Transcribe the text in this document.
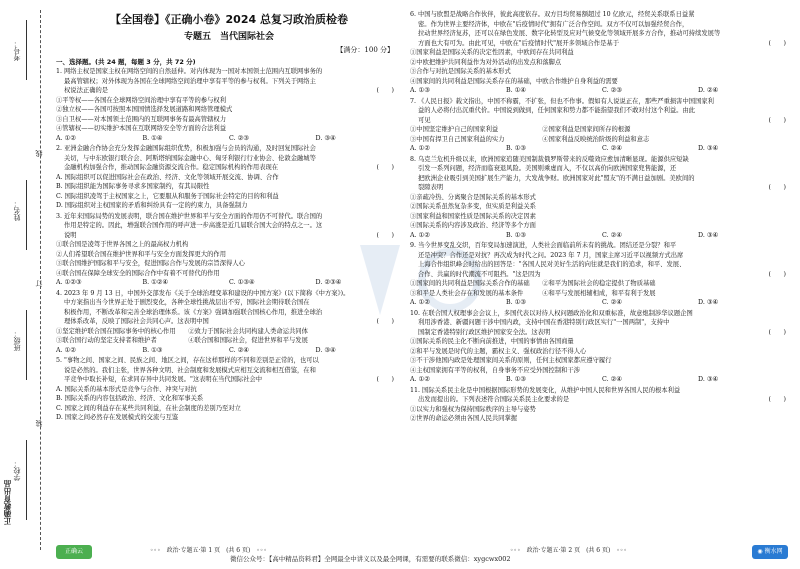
考号：
姓名：
班级：
学校：
线
订
装
正确教育出品
【全国卷】《正确小卷》2024 总复习政治质检卷
专题五　当代国际社会
【满分：100 分】
一、选择题。(共 24 题，每题 3 分，共 72 分)
1. 网络主权是国家主权在网络空间的自然延伸。对内体现为一国对本国领土范围内互联网事务的
最高管辖权；对外体现为各国在全球网络空间治理中享有平等的参与权利。下列关于网络主
(　　)
权说法正确的是
①平等权——各国在全球网络空间治理中享有平等的参与权利
②独立权——各国可按照本国国情选择发展道路和网络管理模式
③自卫权——对本国领土范围内的互联网事务有最高管辖权力
④管辖权——切实维护本国在互联网络安全等方面的合法利益
A. ①②	B. ①④	C. ②③	D. ③④
2. 亚洲金融合作协会充分发挥金融国际组织优势，积极加强与会员的沟通，及时回复国际社会
关切，与中东欧银行联合会、阿斯塔纳国际金融中心、匈牙利银行行业协会、伦敦金融城等
(　　)
金融机构加强合作，推动国际金融资源交流合作。稳定国际机构的作用表现在
A. 国际组织可以促进国际社会在政治、经济、文化等领域开展交流、协调、合作
B. 国际组织能为国际事务寻求多国家制约，有其局限性
C. 国际组织凌驾于主权国家之上，它要服从和服务于国际社会特定的目的和利益
D. 国际组织对主权国家的矛盾和纠纷具有一定的约束力，具备强制力
3. 近年来国际局势的发展表明，联合国在维护世界和平与安全方面的作用仍不可替代。联合国的
作用是特定的。因此，增强联合国作用的呼声进一步高涨是近几届联合国大会的特点之一。这
(　　)
说明
①联合国是凌驾于世界各国之上的最高权力机构
②人们希望联合国在维护世界和平与安全方面发挥更大的作用
③联合国维护国际和平与安全，促进国际合作与发展的宗旨深得人心
④联合国在保障全球安全的国际合作中有着不可替代的作用
A. ①②③	B. ①②④	C. ①③④	D. ②③④
4. 2023 年 9 月 13 日，中国外交部发布《关于全球治理变革和建设的中国方案》(以下简称《中方案》)。
中方案指出当今世界正处于剧烈变化，各种全球性挑战层出不穷，国际社会期待联合国在
积极作用，不断改革和完善全球治理体系。该《方案》强调加强联合国核心作用，推进全球治
(　　)
理体系改革，反映了国际社会共同心声。这表明中国
①坚定维护联合国在国际事务中的核心作用　　②致力于国际社会共同构建人类命运共同体
③联合国行动的坚定支持者和维护者　　　　　④联合国和国际社会，促进世界和平与发展
A. ①②	B. ①③	C. ②④	D. ③④
5. "事物之间、国家之间、民族之间、地区之间，存在这样那样的不同和差别是正常的，也可以
说是必然的。我们主张，世界各种文明、社会制度和发展模式应相互交流和相互借鉴，在和
(　　)
平竞争中取长补短，在求同存异中共同发展。"这表明在当代国际社会中
A. 国际关系的基本形式是竞争与合作、冲突与对抗
B. 国际关系的内容包括政治、经济、文化和军事关系
C. 国家之间的利益存在某些共同利益，在社会制度的差别乃至对立
D. 国家之间必然存在发展模式的交流与互鉴
6. 中国与欧盟是战略合作伙伴，彼此高度依存。双方目均贸易额超过 10 亿欧元，经贸关系联系日益紧
密。作为世界主要经济体，中欧在"后疫情时代"拥有广泛合作空间。双方不仅可以加强经贸合作，
拉动世界经济复苏，还可以在绿色发展、数字化转型及应对气候变化等领域开展多方合作，推动可持续发展等
(　　)
方面也大有可为。由此可见，中欧在"后疫情时代"展开多领域合作是基于
①国家利益是国际关系的决定性因素，中欧间存在共同利益
②中欧把维护共同利益作为对外活动的出发点和落脚点
③合作与对抗是国际关系的基本形式
④国家间的共同利益是国际关系存在的基础，中欧合作维护自身利益的需要
A. ①③	B. ①④	C. ②③	D. ②④
7. 《人民日报》载文指出，中国不称霸，不扩张，但也不作事。假如有人说说正在，那些严重损害中国国家利
益的人必将付出沉重代价。中国说到做到，任何国家和势力都不能指望我们不敢对付这个利益。由此
(　　)
可见
①中国坚定维护自己的国家利益　　　　　　　②国家利益是国家间所存的根源
③中国有捍卫自己国家利益的实力　　　　　　④国家利益反映统治阶级的利益和意志
A. ①②	B. ①③	C. ②④	D. ③④
8. 乌克兰危机升级以来，欧洲国家追随美国制裁俄罗斯带来的反噬效应愈加清晰显现。能源供应短缺
引发一系列问题，经济而临衰退风险。美国则乘虚而入，不仅以高价向欧洲国家兜售能源，还
把欧洲企业吸引到美国扩展生产能力，大发战争财。欧洲国家对此"盟友"的不满日益加剧。美欧间的
(　　)
裂隙表明
①亲疏冷热、分离聚合是国际关系的基本形式
②国际关系虽然复杂多变，但实质是利益关系
③国家利益和国家性质是国际关系的决定因素
④国际关系的内容涉及政治、经济等多个方面
A. ①②	B. ①③	C. ②④	D. ③④
9. 当今世界变乱交织，百年变局加速演进，人类社会面临前所未有的挑战。团结还是分裂？和平
还是冲突？合作还是对抗？再次成为时代之问。2023 年 7 月，国家主席习近平以视频方式出席
上海合作组织峰会时给出的回答是："各国人民对美好生活的向往就是我们的追求，和平、发展、
(　　)
合作、共赢的时代潮流不可阻挡。"这是因为
①国家间的共同利益是国际关系合作的基础　　②和平为国际社会的稳定提供了物质基础
③和平是人类社会存在和发展的基本条件　　　④和平与发展相辅相成，和平有利于发展
A. ①②	B. ①③	C. ②④	D. ③④
10. 在联合国人权理事会会议上，多国代表以对待人权问题政治化和双重标准，故意炮制涉华议题企图
利用涉香港、新疆问题干涉中国内政，支持中国在香港特别行政区实行"一国两制"，支持中
(　　)
国制定香港特别行政区维护国家安全法。这表明
①国际关系的民主化不断向前推进，中国的事情由各国商量
②和平与发展是时代的主题，霸权主义、强权政治行径不得人心
③不干涉他国内政是处理国家间关系的原则，任何主权国家都应遵守履行
④主权国家拥有平等的权利，自身事务不应受外国控制和干涉
A. ①②	B. ①③	C. ②④	D. ③④
11. 国际关系民主化是中国根据国际形势的发展变化，从维护中国人民和世界各国人民的根本利益
(　　)
出发而提出的。下列表述符合国际关系民主化要求的是
①以实力和强权为保持国际秩序的主导与姿势
②世界的命运必须由各国人民共同掌握
正确云	◦◦◦　政治·专题五·第 1 页　(共 6 页)　◦◦◦	◦◦◦　政治·专题五·第 2 页　(共 6 页)　◦◦◦	◉ 衡水网
微信公众号：【高中精品资料君】全网最全中讲义以及最全网课，有需要的联系微信：xygcwx002
